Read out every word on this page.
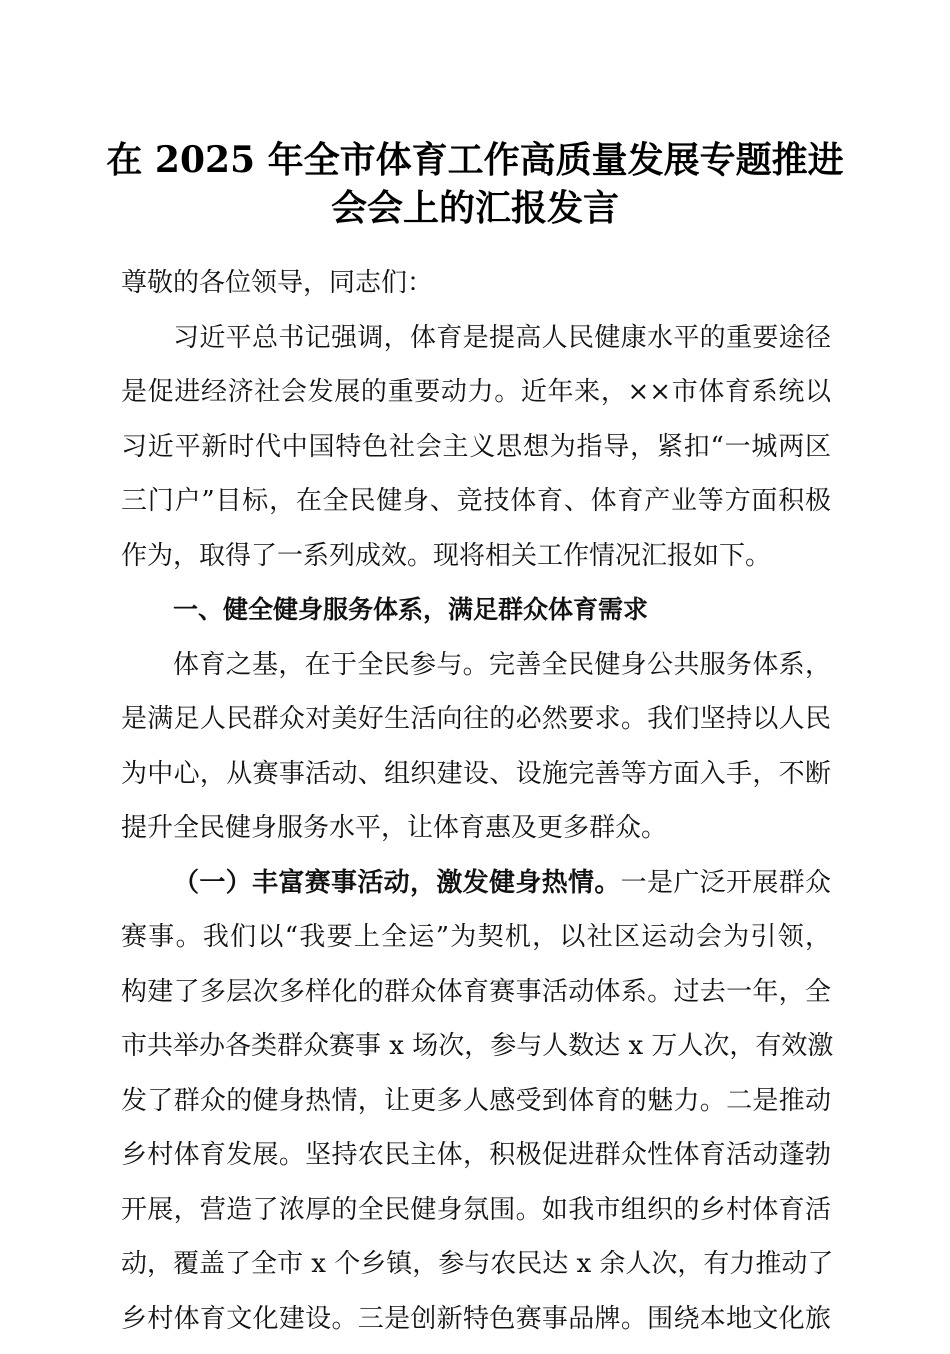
在 2025 年全市体育工作高质量发展专题推进
会会上的汇报发言
尊敬的各位领导，同志们：
习近平总书记强调，体育是提高人民健康水平的重要途径
是促进经济社会发展的重要动力。近年来，××市体育系统以
习近平新时代中国特色社会主义思想为指导，紧扣“一城两区
三门户”目标，在全民健身、竞技体育、体育产业等方面积极
作为，取得了一系列成效。现将相关工作情况汇报如下。
一、健全健身服务体系，满足群众体育需求
体育之基，在于全民参与。完善全民健身公共服务体系，
是满足人民群众对美好生活向往的必然要求。我们坚持以人民
为中心，从赛事活动、组织建设、设施完善等方面入手，不断
提升全民健身服务水平，让体育惠及更多群众。
（一）丰富赛事活动，激发健身热情。一是广泛开展群众
赛事。我们以“我要上全运”为契机，以社区运动会为引领，
构建了多层次多样化的群众体育赛事活动体系。过去一年，全
市共举办各类群众赛事 x 场次，参与人数达 x 万人次，有效激
发了群众的健身热情，让更多人感受到体育的魅力。二是推动
乡村体育发展。坚持农民主体，积极促进群众性体育活动蓬勃
开展，营造了浓厚的全民健身氛围。如我市组织的乡村体育活
动，覆盖了全市 x 个乡镇，参与农民达 x 余人次，有力推动了
乡村体育文化建设。三是创新特色赛事品牌。围绕本地文化旅
